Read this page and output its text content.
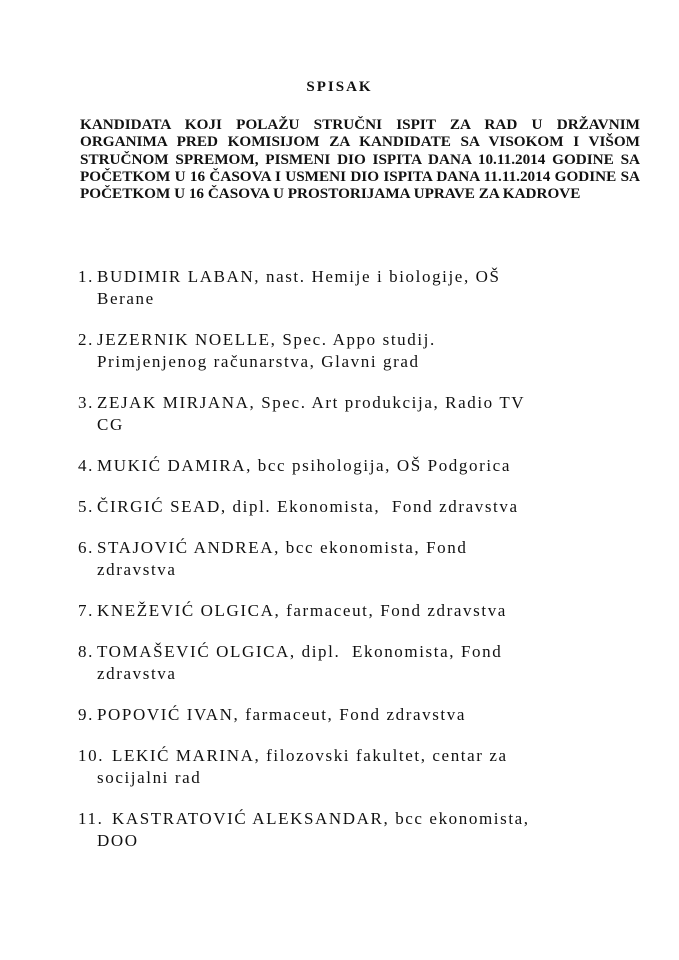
SPISAK
KANDIDATA KOJI POLAŽU STRUČNI ISPIT ZA RAD U DRŽAVNIM ORGANIMA PRED KOMISIJOM ZA KANDIDATE SA VISOKOM I VIŠOM STRUČNOM SPREMOM, PISMENI DIO ISPITA DANA 10.11.2014 GODINE SA POČETKOM U 16 ČASOVA I USMENI DIO ISPITA DANA 11.11.2014 GODINE SA POČETKOM U 16 ČASOVA U PROSTORIJAMA UPRAVE ZA KADROVE
1. BUDIMIR LABAN, nast. Hemije i biologije, OŠ
Berane
2. JEZERNIK NOELLE, Spec. Appo studij.
Primjenjenog računarstva, Glavni grad
3. ZEJAK MIRJANA, Spec. Art produkcija, Radio TV
CG
4. MUKIĆ DAMIRA, bcc psihologija, OŠ Podgorica
5. ČIRGIĆ SEAD, dipl. Ekonomista,  Fond zdravstva
6. STAJOVIĆ ANDREA, bcc ekonomista, Fond
zdravstva
7. KNEŽEVIĆ OLGICA, farmaceut, Fond zdravstva
8. TOMAŠEVIĆ OLGICA, dipl.  Ekonomista, Fond
zdravstva
9. POPOVIĆ IVAN, farmaceut, Fond zdravstva
10. LEKIĆ MARINA, filozovski fakultet, centar za
socijalni rad
11. KASTRATOVIĆ ALEKSANDAR, bcc ekonomista,
DOO
